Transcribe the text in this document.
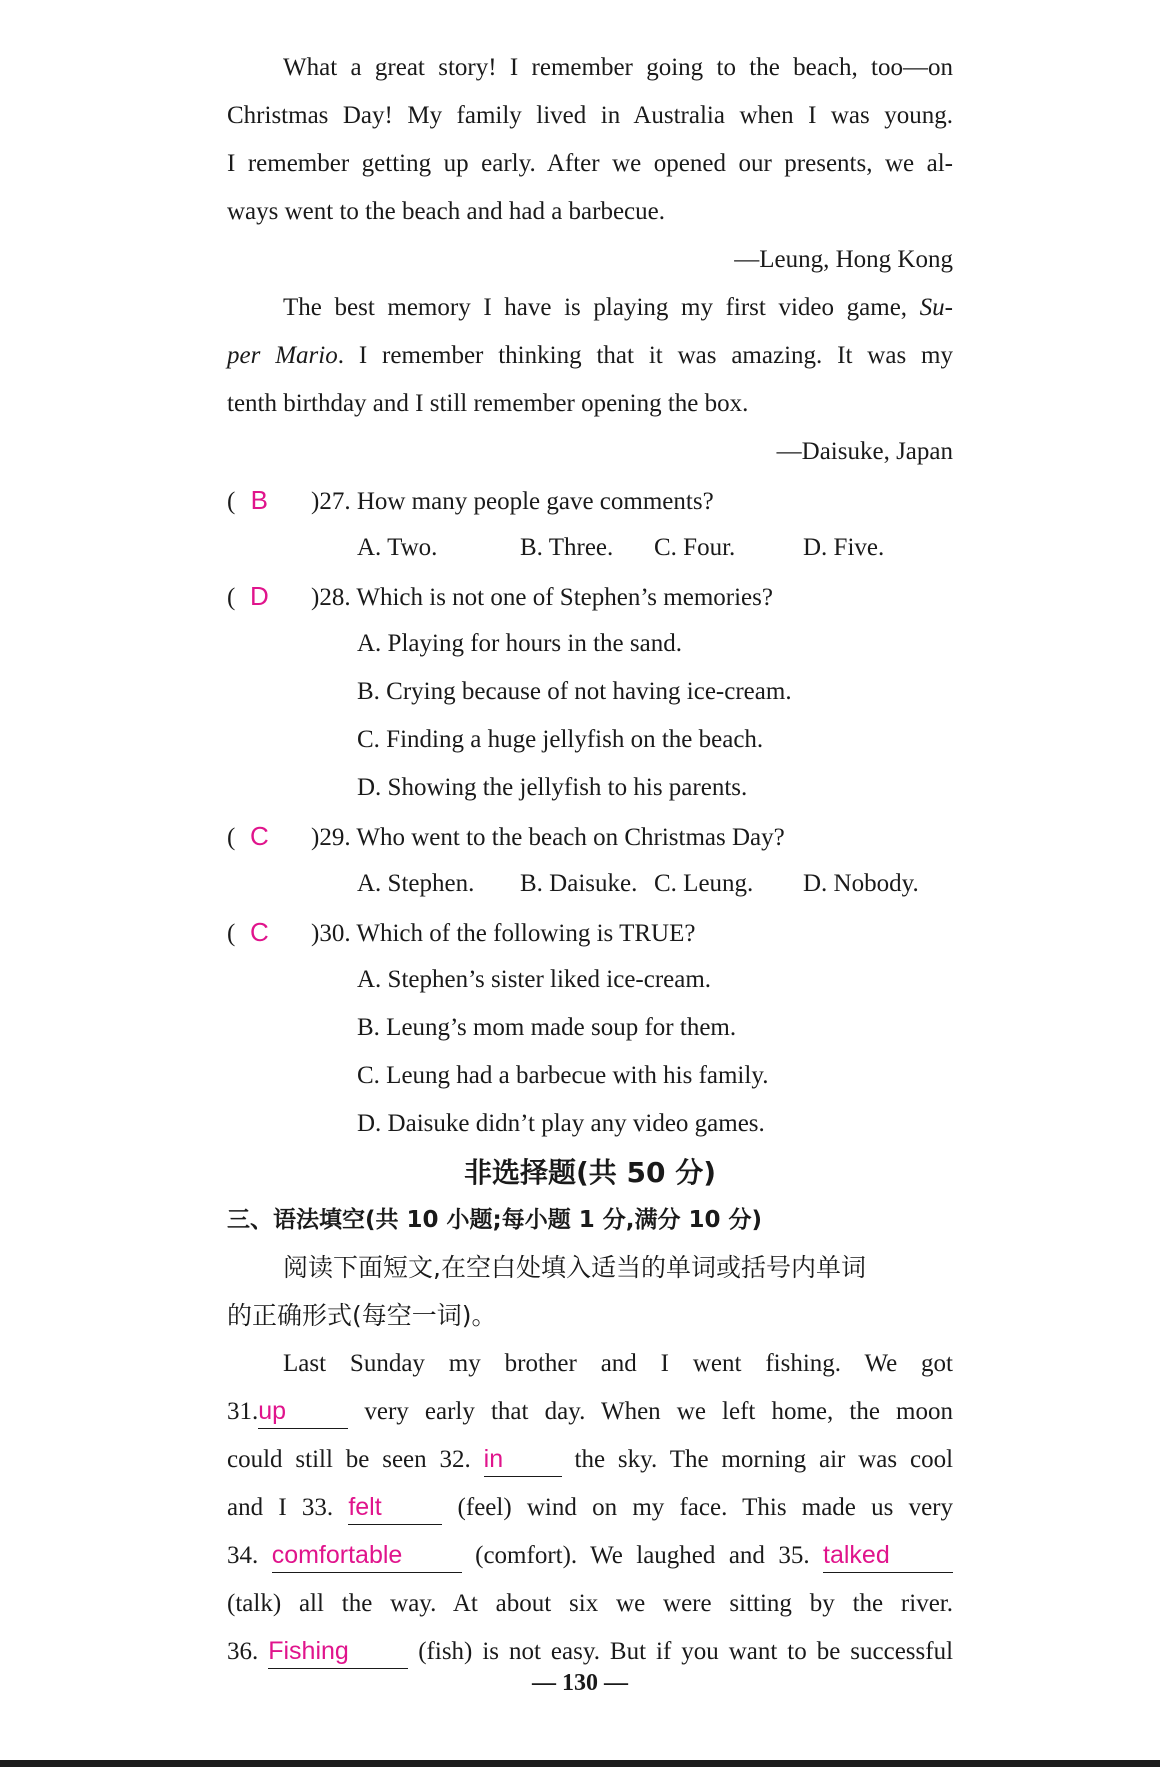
What a great story! I remember going to the beach, too—on
Christmas Day! My family lived in Australia when I was young.
I remember getting up early. After we opened our presents, we al-
ways went to the beach and had a barbecue.
—Leung, Hong Kong
The best memory I have is playing my first video game, Su-
per Mario. I remember thinking that it was amazing. It was my
tenth birthday and I still remember opening the box.
—Daisuke, Japan
( B )27. How many people gave comments?
A. Two.	B. Three.	C. Four.	D. Five.
( D )28. Which is not one of Stephen’s memories?
A. Playing for hours in the sand.
B. Crying because of not having ice-cream.
C. Finding a huge jellyfish on the beach.
D. Showing the jellyfish to his parents.
( C )29. Who went to the beach on Christmas Day?
A. Stephen.	B. Daisuke. C. Leung.	D. Nobody.
( C )30. Which of the following is TRUE?
A. Stephen’s sister liked ice-cream.
B. Leung’s mom made soup for them.
C. Leung had a barbecue with his family.
D. Daisuke didn’t play any video games.
非选择题(共 50 分)
三、语法填空(共 10 小题;每小题 1 分,满分 10 分)
阅读下面短文,在空白处填入适当的单词或括号内单词
的正确形式(每空一词)。
Last Sunday my brother and I went fishing. We got
31.up	very early that day. When we left home, the moon
could still be seen 32. in	the sky. The morning air was cool
and I 33. felt	(feel) wind on my face. This made us very
34. comfortable	(comfort). We laughed and 35. talked
(talk) all the way. At about six we were sitting by the river.
36. Fishing	(fish) is not easy. But if you want to be successful
— 130 —
